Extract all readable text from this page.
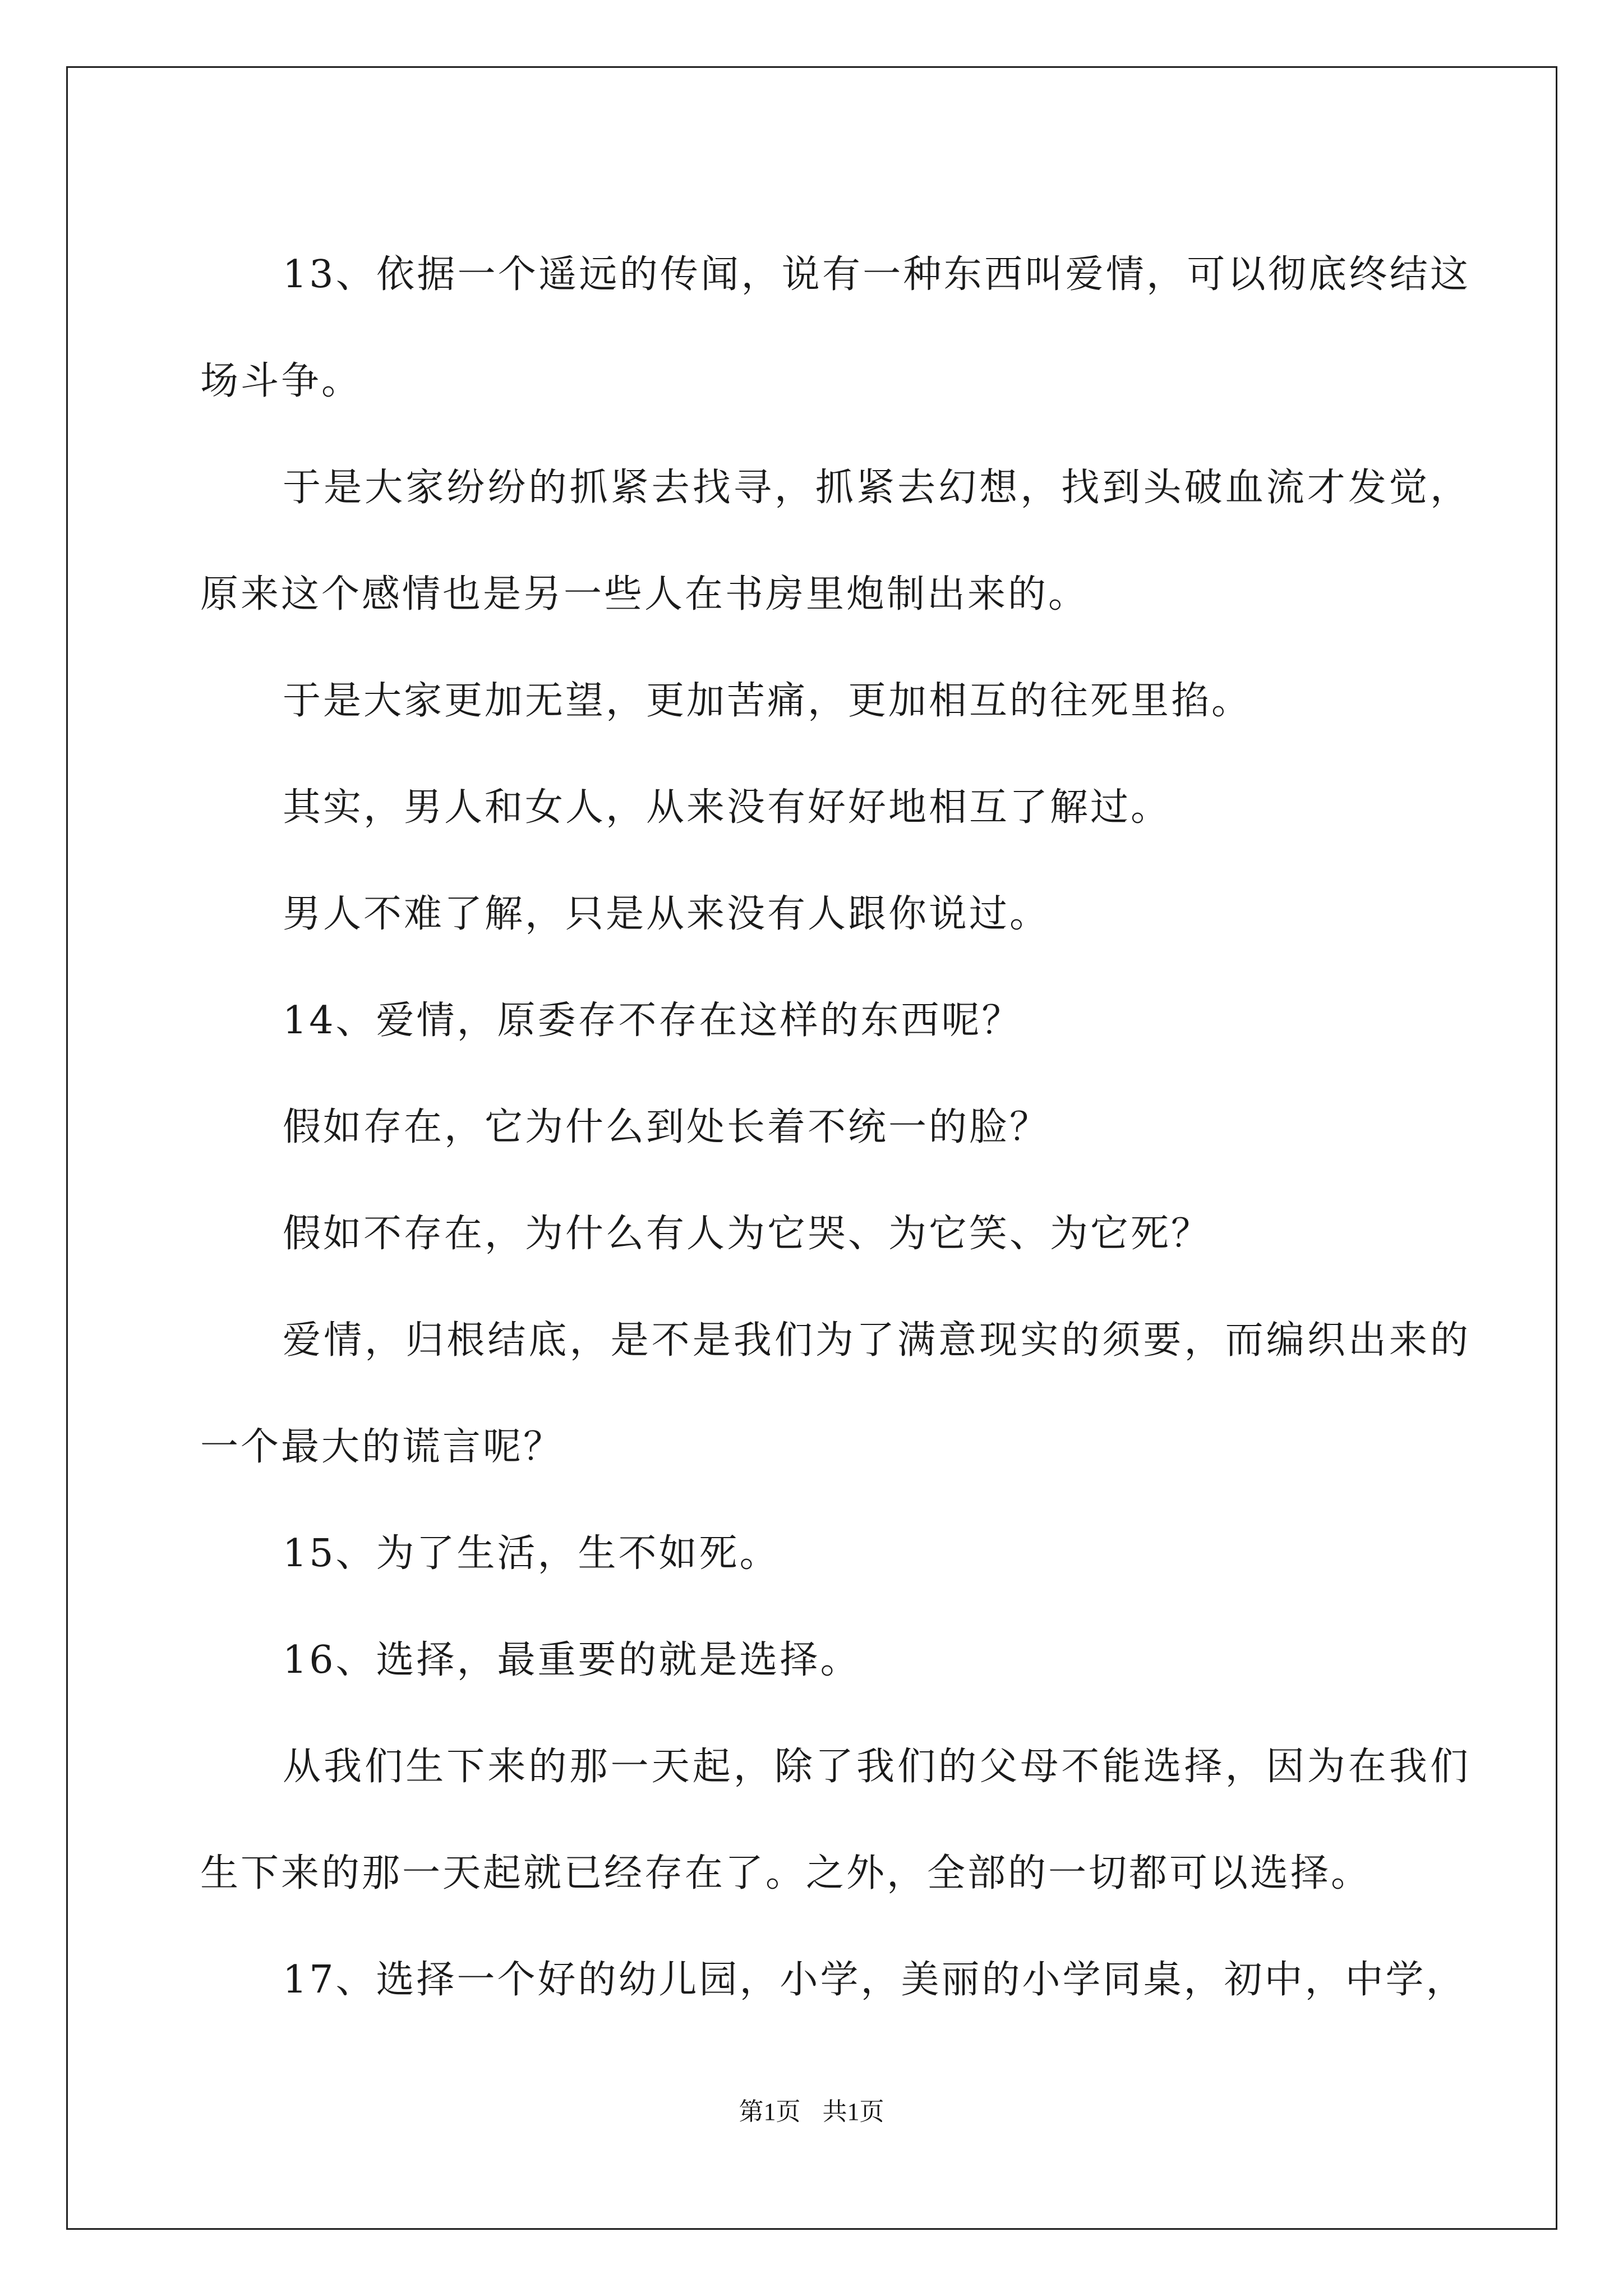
13、依据一个遥远的传闻，说有一种东西叫爱情，可以彻底终结这场斗争。

于是大家纷纷的抓紧去找寻，抓紧去幻想，找到头破血流才发觉，原来这个感情也是另一些人在书房里炮制出来的。

于是大家更加无望，更加苦痛，更加相互的往死里掐。

其实，男人和女人，从来没有好好地相互了解过。

男人不难了解，只是从来没有人跟你说过。

14、爱情，原委存不存在这样的东西呢？

假如存在，它为什么到处长着不统一的脸？

假如不存在，为什么有人为它哭、为它笑、为它死？

爱情，归根结底，是不是我们为了满意现实的须要，而编织出来的一个最大的谎言呢？

15、为了生活，生不如死。

16、选择，最重要的就是选择。

从我们生下来的那一天起，除了我们的父母不能选择，因为在我们生下来的那一天起就已经存在了。之外，全部的一切都可以选择。

17、选择一个好的幼儿园，小学，美丽的小学同桌，初中，中学，

第1页 共1页
